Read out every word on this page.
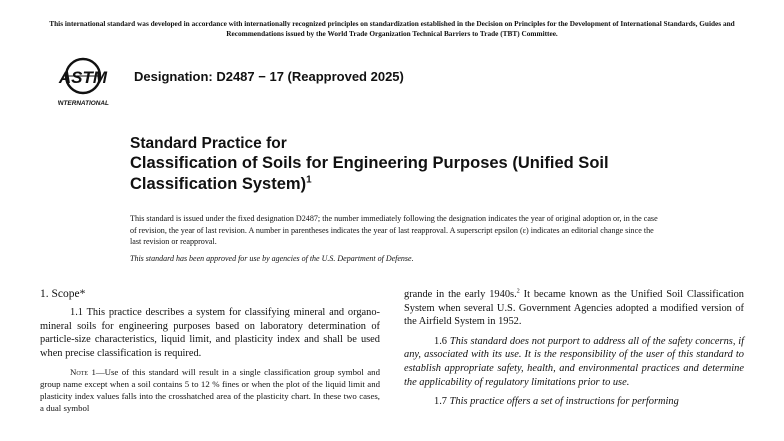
This international standard was developed in accordance with internationally recognized principles on standardization established in the Decision on Principles for the Development of International Standards, Guides and Recommendations issued by the World Trade Organization Technical Barriers to Trade (TBT) Committee.
ASTM
INTERNATIONAL
Designation: D2487 − 17 (Reapproved 2025)
Standard Practice for
Classification of Soils for Engineering Purposes (Unified Soil Classification System)$^1$
This standard is issued under the fixed designation D2487; the number immediately following the designation indicates the year of original adoption or, in the case of revision, the year of last revision. A number in parentheses indicates the year of last reapproval. A superscript epsilon (ε) indicates an editorial change since the last revision or reapproval.
This standard has been approved for use by agencies of the U.S. Department of Defense.
1. Scope*

1.1 This practice describes a system for classifying mineral and organo-mineral soils for engineering purposes based on laboratory determination of particle-size characteristics, liquid limit, and plasticity index and shall be used when precise classification is required.

Note 1—Use of this standard will result in a single classification group symbol and group name except when a soil contains 5 to 12 % fines or when the plot of the liquid limit and plasticity index values falls into the crosshatched area of the plasticity chart. In these two cases, a dual symbol

grande in the early 1940s.$^2$ It became known as the Unified Soil Classification System when several U.S. Government Agencies adopted a modified version of the Airfield System in 1952.

1.6 This standard does not purport to address all of the safety concerns, if any, associated with its use. It is the responsibility of the user of this standard to establish appropriate safety, health, and environmental practices and determine the applicability of regulatory limitations prior to use.

1.7 This practice offers a set of instructions for performing
